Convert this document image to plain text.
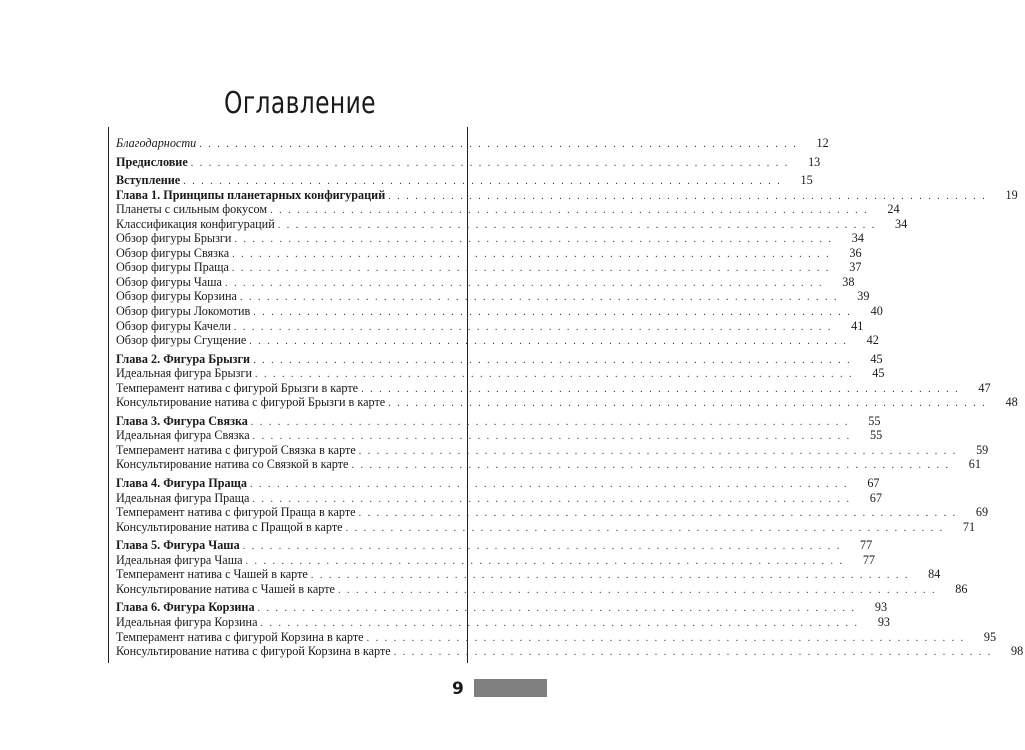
Оглавление
Благодарности . . . . . . . . . . . . . . . . . . . . . . . . . . . . . . . . . . . . . . . . . . . . . . . . . . . . . . . . . . . . . . . . . . .	12
Предисловие . . . . . . . . . . . . . . . . . . . . . . . . . . . . . . . . . . . . . . . . . . . . . . . . . . . . . . . . . . . . . . . . . . .	13
Вступление . . . . . . . . . . . . . . . . . . . . . . . . . . . . . . . . . . . . . . . . . . . . . . . . . . . . . . . . . . . . . . . . . . .	15
Глава 1. Принципы планетарных конфигураций . . . . . . . . . . . . . . . . . . . . . . . . . . . . . . . . . . . . . . . . . . . . . . . . . . . . . . . . . . . . . . . . . . .	19
Планеты с сильным фокусом . . . . . . . . . . . . . . . . . . . . . . . . . . . . . . . . . . . . . . . . . . . . . . . . . . . . . . . . . . . . . . . . . . .	24
Классификация конфигураций . . . . . . . . . . . . . . . . . . . . . . . . . . . . . . . . . . . . . . . . . . . . . . . . . . . . . . . . . . . . . . . . . . .	34
Обзор фигуры Брызги . . . . . . . . . . . . . . . . . . . . . . . . . . . . . . . . . . . . . . . . . . . . . . . . . . . . . . . . . . . . . . . . . . .	34
Обзор фигуры Связка . . . . . . . . . . . . . . . . . . . . . . . . . . . . . . . . . . . . . . . . . . . . . . . . . . . . . . . . . . . . . . . . . . .	36
Обзор фигуры Праща . . . . . . . . . . . . . . . . . . . . . . . . . . . . . . . . . . . . . . . . . . . . . . . . . . . . . . . . . . . . . . . . . . .	37
Обзор фигуры Чаша . . . . . . . . . . . . . . . . . . . . . . . . . . . . . . . . . . . . . . . . . . . . . . . . . . . . . . . . . . . . . . . . . . .	38
Обзор фигуры Корзина . . . . . . . . . . . . . . . . . . . . . . . . . . . . . . . . . . . . . . . . . . . . . . . . . . . . . . . . . . . . . . . . . . .	39
Обзор фигуры Локомотив . . . . . . . . . . . . . . . . . . . . . . . . . . . . . . . . . . . . . . . . . . . . . . . . . . . . . . . . . . . . . . . . . . .	40
Обзор фигуры Качели . . . . . . . . . . . . . . . . . . . . . . . . . . . . . . . . . . . . . . . . . . . . . . . . . . . . . . . . . . . . . . . . . . .	41
Обзор фигуры Сгущение . . . . . . . . . . . . . . . . . . . . . . . . . . . . . . . . . . . . . . . . . . . . . . . . . . . . . . . . . . . . . . . . . . .	42
Глава 2. Фигура Брызги . . . . . . . . . . . . . . . . . . . . . . . . . . . . . . . . . . . . . . . . . . . . . . . . . . . . . . . . . . . . . . . . . . .	45
Идеальная фигура Брызги . . . . . . . . . . . . . . . . . . . . . . . . . . . . . . . . . . . . . . . . . . . . . . . . . . . . . . . . . . . . . . . . . . .	45
Темперамент натива с фигурой Брызги в карте . . . . . . . . . . . . . . . . . . . . . . . . . . . . . . . . . . . . . . . . . . . . . . . . . . . . . . . . . . . . . . . . . . .	47
Консультирование натива с фигурой Брызги в карте . . . . . . . . . . . . . . . . . . . . . . . . . . . . . . . . . . . . . . . . . . . . . . . . . . . . . . . . . . . . . . . . . . .	48
Глава 3. Фигура Связка . . . . . . . . . . . . . . . . . . . . . . . . . . . . . . . . . . . . . . . . . . . . . . . . . . . . . . . . . . . . . . . . . . .	55
Идеальная фигура Связка . . . . . . . . . . . . . . . . . . . . . . . . . . . . . . . . . . . . . . . . . . . . . . . . . . . . . . . . . . . . . . . . . . .	55
Темперамент натива с фигурой Связка в карте . . . . . . . . . . . . . . . . . . . . . . . . . . . . . . . . . . . . . . . . . . . . . . . . . . . . . . . . . . . . . . . . . . .	59
Консультирование натива со Связкой в карте . . . . . . . . . . . . . . . . . . . . . . . . . . . . . . . . . . . . . . . . . . . . . . . . . . . . . . . . . . . . . . . . . . .	61
Глава 4. Фигура Праща . . . . . . . . . . . . . . . . . . . . . . . . . . . . . . . . . . . . . . . . . . . . . . . . . . . . . . . . . . . . . . . . . . .	67
Идеальная фигура Праща . . . . . . . . . . . . . . . . . . . . . . . . . . . . . . . . . . . . . . . . . . . . . . . . . . . . . . . . . . . . . . . . . . .	67
Темперамент натива с фигурой Праща в карте . . . . . . . . . . . . . . . . . . . . . . . . . . . . . . . . . . . . . . . . . . . . . . . . . . . . . . . . . . . . . . . . . . .	69
Консультирование натива с Пращой в карте . . . . . . . . . . . . . . . . . . . . . . . . . . . . . . . . . . . . . . . . . . . . . . . . . . . . . . . . . . . . . . . . . . .	71
Глава 5. Фигура Чаша . . . . . . . . . . . . . . . . . . . . . . . . . . . . . . . . . . . . . . . . . . . . . . . . . . . . . . . . . . . . . . . . . . .	77
Идеальная фигура Чаша . . . . . . . . . . . . . . . . . . . . . . . . . . . . . . . . . . . . . . . . . . . . . . . . . . . . . . . . . . . . . . . . . . .	77
Темперамент натива с Чашей в карте . . . . . . . . . . . . . . . . . . . . . . . . . . . . . . . . . . . . . . . . . . . . . . . . . . . . . . . . . . . . . . . . . . .	84
Консультирование натива с Чашей в карте . . . . . . . . . . . . . . . . . . . . . . . . . . . . . . . . . . . . . . . . . . . . . . . . . . . . . . . . . . . . . . . . . . .	86
Глава 6. Фигура Корзина . . . . . . . . . . . . . . . . . . . . . . . . . . . . . . . . . . . . . . . . . . . . . . . . . . . . . . . . . . . . . . . . . . .	93
Идеальная фигура Корзина . . . . . . . . . . . . . . . . . . . . . . . . . . . . . . . . . . . . . . . . . . . . . . . . . . . . . . . . . . . . . . . . . . .	93
Темперамент натива с фигурой Корзина в карте . . . . . . . . . . . . . . . . . . . . . . . . . . . . . . . . . . . . . . . . . . . . . . . . . . . . . . . . . . . . . . . . . . .	95
Консультирование натива с фигурой Корзина в карте . . . . . . . . . . . . . . . . . . . . . . . . . . . . . . . . . . . . . . . . . . . . . . . . . . . . . . . . . . . . . . . . . . .	98
9
